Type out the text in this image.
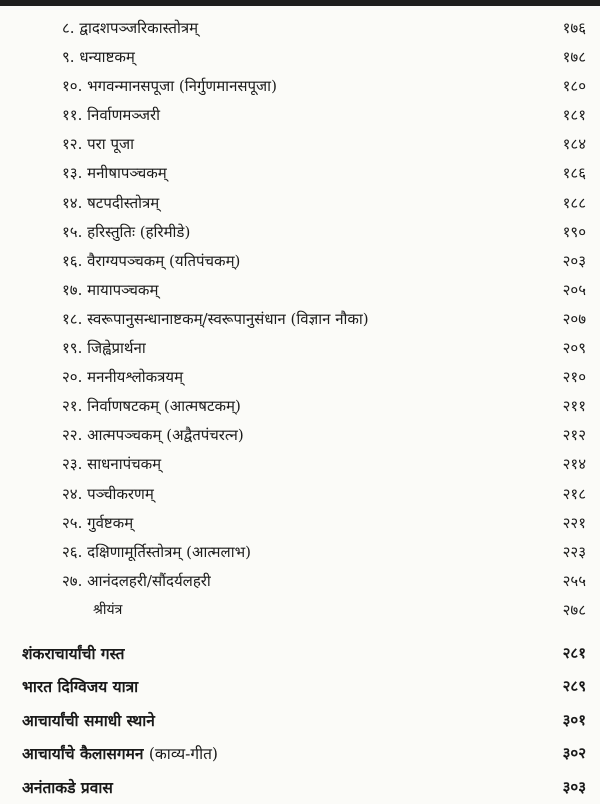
८. द्वादशपञ्जरिकास्तोत्रम्	१७६
९. धन्याष्टकम्	१७८
१०. भगवन्मानसपूजा (निर्गुणमानसपूजा)	१८०
११. निर्वाणमञ्जरी	१८१
१२. परा पूजा	१८४
१३. मनीषापञ्चकम्	१८६
१४. षटपदीस्तोत्रम्	१८८
१५. हरिस्तुतिः (हरिमीडे)	१९०
१६. वैराग्यपञ्चकम् (यतिपंचकम्)	२०३
१७. मायापञ्चकम्	२०५
१८. स्वरूपानुसन्धानाष्टकम्/स्वरूपानुसंधान (विज्ञान नौका)	२०७
१९. जिह्वेप्रार्थना	२०९
२०. मननीयश्लोकत्रयम्	२१०
२१. निर्वाणषटकम् (आत्मषटकम्)	२११
२२. आत्मपञ्चकम् (अद्वैतपंचरत्न)	२१२
२३. साधनापंचकम्	२१४
२४. पञ्चीकरणम्	२१८
२५. गुर्वष्टकम्	२२१
२६. दक्षिणामूर्तिस्तोत्रम् (आत्मलाभ)	२२३
२७. आनंदलहरी/सौंदर्यलहरी	२५५
श्रीयंत्र	२७८
शंकराचार्यांची गस्त	२८१
भारत दिग्विजय यात्रा	२८९
आचार्यांची समाधी स्थाने	३०१
आचार्यांचे कैलासगमन (काव्य-गीत)	३०२
अनंताकडे प्रवास	३०३
